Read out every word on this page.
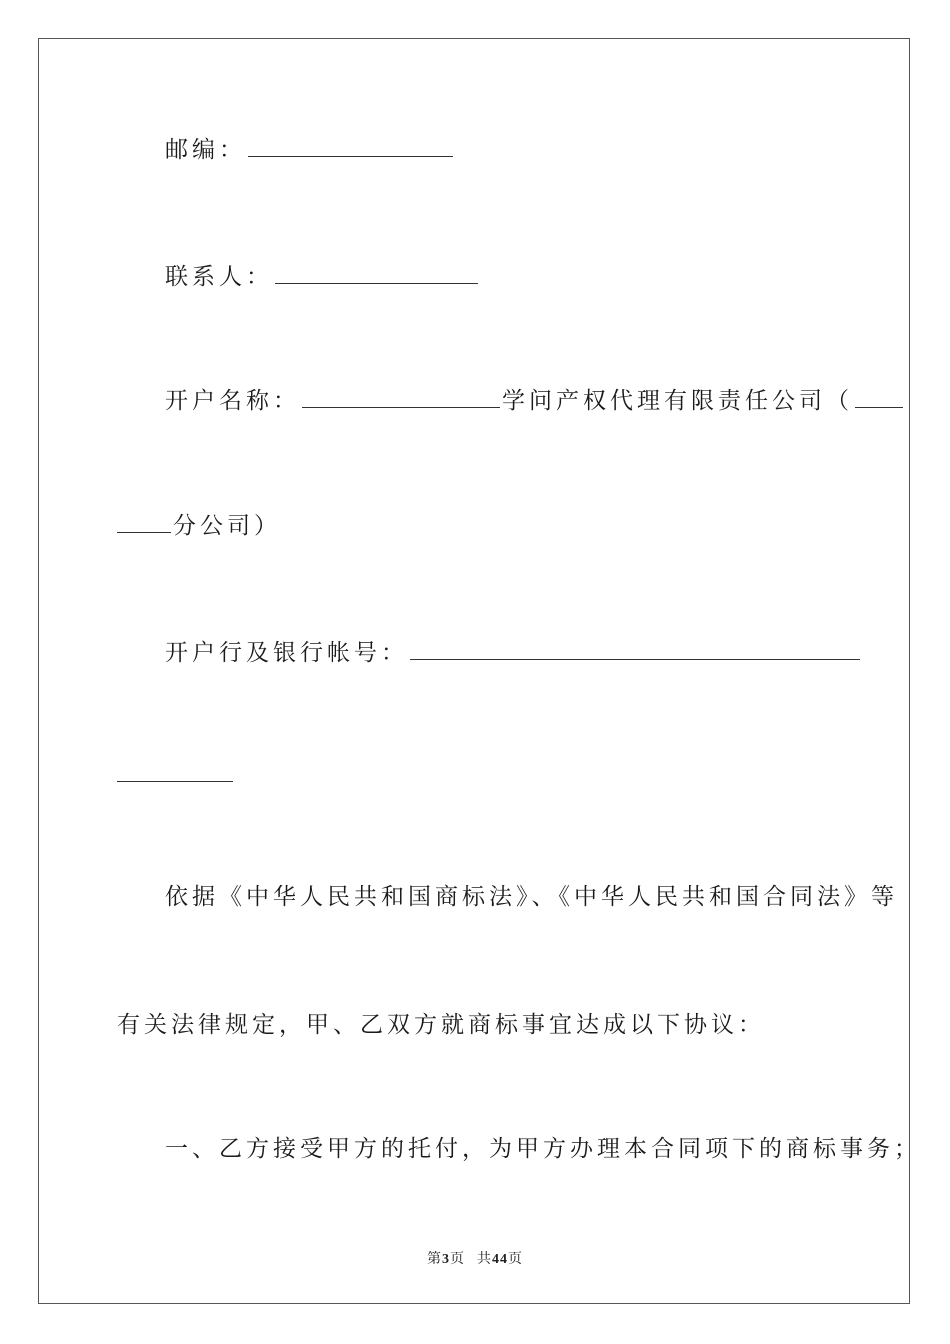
邮编：
联系人：
开户名称：	学问产权代理有限责任公司（
分公司）
开户行及银行帐号：
依据《中华人民共和国商标法》、《中华人民共和国合同法》等
有关法律规定，甲、乙双方就商标事宜达成以下协议：
一、乙方接受甲方的托付，为甲方办理本合同项下的商标事务；
第3页 共44页
